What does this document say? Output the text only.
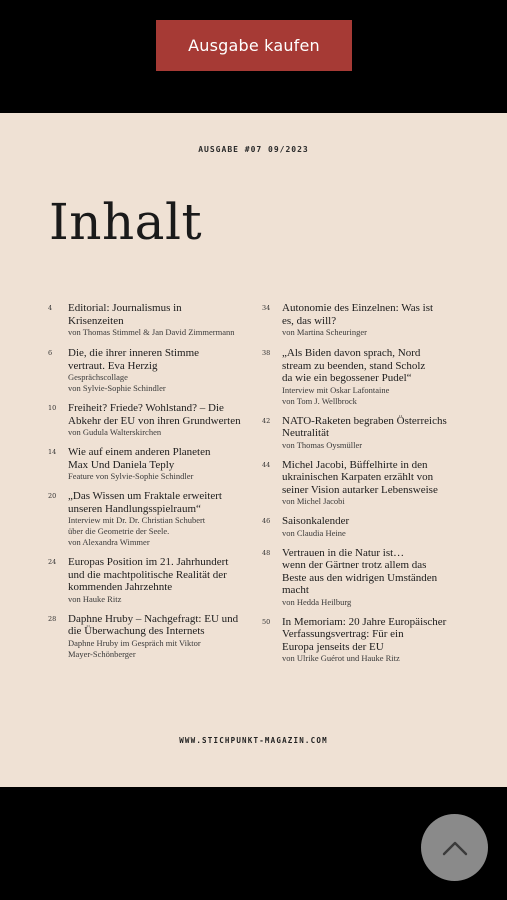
Ausgabe kaufen
AUSGABE #07 09/2023
Inhalt
4	Editorial: Journalismus in
Krisenzeiten
von Thomas Stimmel & Jan David Zimmermann
6	Die, die ihrer inneren Stimme
vertraut. Eva Herzig
Gesprächscollage
von Sylvie-Sophie Schindler
10	Freiheit? Friede? Wohlstand? – Die
Abkehr der EU von ihren Grundwerten
von Gudula Walterskirchen
14	Wie auf einem anderen Planeten
Max Und Daniela Teply
Feature von Sylvie-Sophie Schindler
20	„Das Wissen um Fraktale erweitert
unseren Handlungsspielraum“
Interview mit Dr. Dr. Christian Schubert
über die Geometrie der Seele.
von Alexandra Wimmer
24	Europas Position im 21. Jahrhundert
und die machtpolitische Realität der
kommenden Jahrzehnte
von Hauke Ritz
28	Daphne Hruby – Nachgefragt: EU und
die Überwachung des Internets
Daphne Hruby im Gespräch mit Viktor
Mayer-Schönberger
34	Autonomie des Einzelnen: Was ist
es, das will?
von Martina Scheuringer
38	„Als Biden davon sprach, Nord
stream zu beenden, stand Scholz
da wie ein begossener Pudel“
Interview mit Oskar Lafontaine
von Tom J. Wellbrock
42	NATO-Raketen begraben Österreichs
Neutralität
von Thomas Oysmüller
44	Michel Jacobi, Büffelhirte in den
ukrainischen Karpaten erzählt von
seiner Vision autarker Lebensweise
von Michel Jacobi
46	Saisonkalender
von Claudia Heine
48	Vertrauen in die Natur ist…
wenn der Gärtner trotz allem das
Beste aus den widrigen Umständen
macht
von Hedda Heilburg
50	In Memoriam: 20 Jahre Europäischer
Verfassungsvertrag: Für ein
Europa jenseits der EU
von Ulrike Guérot und Hauke Ritz
WWW.STICHPUNKT-MAGAZIN.COM
